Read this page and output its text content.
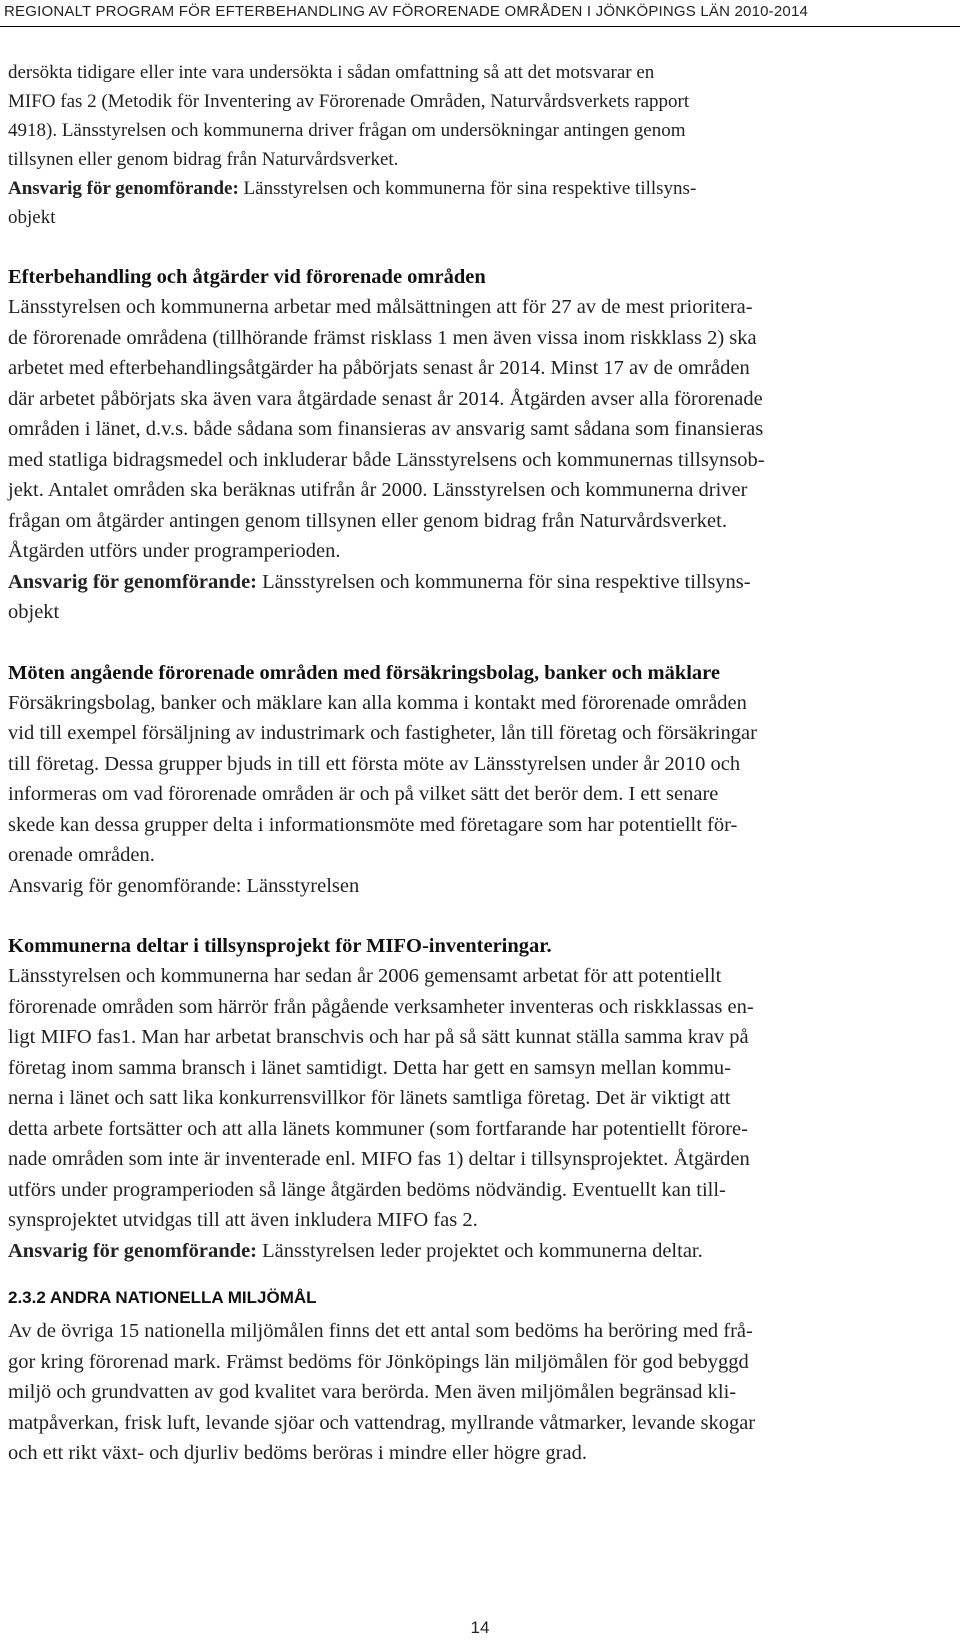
REGIONALT PROGRAM FÖR EFTERBEHANDLING AV FÖRORENADE OMRÅDEN I JÖNKÖPINGS LÄN 2010-2014

dersökta tidigare eller inte vara undersökta i sådan omfattning så att det motsvarar en
MIFO fas 2 (Metodik för Inventering av Förorenade Områden, Naturvårdsverkets rapport
4918). Länsstyrelsen och kommunerna driver frågan om undersökningar antingen genom
tillsynen eller genom bidrag från Naturvårdsverket.
Ansvarig för genomförande: Länsstyrelsen och kommunerna för sina respektive tillsyns-
objekt

Efterbehandling och åtgärder vid förorenade områden

Länsstyrelsen och kommunerna arbetar med målsättningen att för 27 av de mest prioritera-
de förorenade områdena (tillhörande främst risklass 1 men även vissa inom riskklass 2) ska
arbetet med efterbehandlingsåtgärder ha påbörjats senast år 2014. Minst 17 av de områden
där arbetet påbörjats ska även vara åtgärdade senast år 2014. Åtgärden avser alla förorenade
områden i länet, d.v.s. både sådana som finansieras av ansvarig samt sådana som finansieras
med statliga bidragsmedel och inkluderar både Länsstyrelsens och kommunernas tillsynsob-
jekt. Antalet områden ska beräknas utifrån år 2000. Länsstyrelsen och kommunerna driver
frågan om åtgärder antingen genom tillsynen eller genom bidrag från Naturvårdsverket.
Åtgärden utförs under programperioden.
Ansvarig för genomförande: Länsstyrelsen och kommunerna för sina respektive tillsyns-
objekt

Möten angående förorenade områden med försäkringsbolag, banker och mäklare

Försäkringsbolag, banker och mäklare kan alla komma i kontakt med förorenade områden
vid till exempel försäljning av industrimark och fastigheter, lån till företag och försäkringar
till företag. Dessa grupper bjuds in till ett första möte av Länsstyrelsen under år 2010 och
informeras om vad förorenade områden är och på vilket sätt det berör dem. I ett senare
skede kan dessa grupper delta i informationsmöte med företagare som har potentiellt för-
orenade områden.
Ansvarig för genomförande: Länsstyrelsen

Kommunerna deltar i tillsynsprojekt för MIFO-inventeringar.

Länsstyrelsen och kommunerna har sedan år 2006 gemensamt arbetat för att potentiellt
förorenade områden som härrör från pågående verksamheter inventeras och riskklassas en-
ligt MIFO fas1. Man har arbetat branschvis och har på så sätt kunnat ställa samma krav på
företag inom samma bransch i länet samtidigt. Detta har gett en samsyn mellan kommu-
nerna i länet och satt lika konkurrensvillkor för länets samtliga företag. Det är viktigt att
detta arbete fortsätter och att alla länets kommuner (som fortfarande har potentiellt förore-
nade områden som inte är inventerade enl. MIFO fas 1) deltar i tillsynsprojektet. Åtgärden
utförs under programperioden så länge åtgärden bedöms nödvändig. Eventuellt kan till-
synsprojektet utvidgas till att även inkludera MIFO fas 2.
Ansvarig för genomförande: Länsstyrelsen leder projektet och kommunerna deltar.

2.3.2 ANDRA NATIONELLA MILJÖMÅL

Av de övriga 15 nationella miljömålen finns det ett antal som bedöms ha beröring med frå-
gor kring förorenad mark. Främst bedöms för Jönköpings län miljömålen för god bebyggd
miljö och grundvatten av god kvalitet vara berörda. Men även miljömålen begränsad kli-
matpåverkan, frisk luft, levande sjöar och vattendrag, myllrande våtmarker, levande skogar
och ett rikt växt- och djurliv bedöms beröras i mindre eller högre grad.

14
